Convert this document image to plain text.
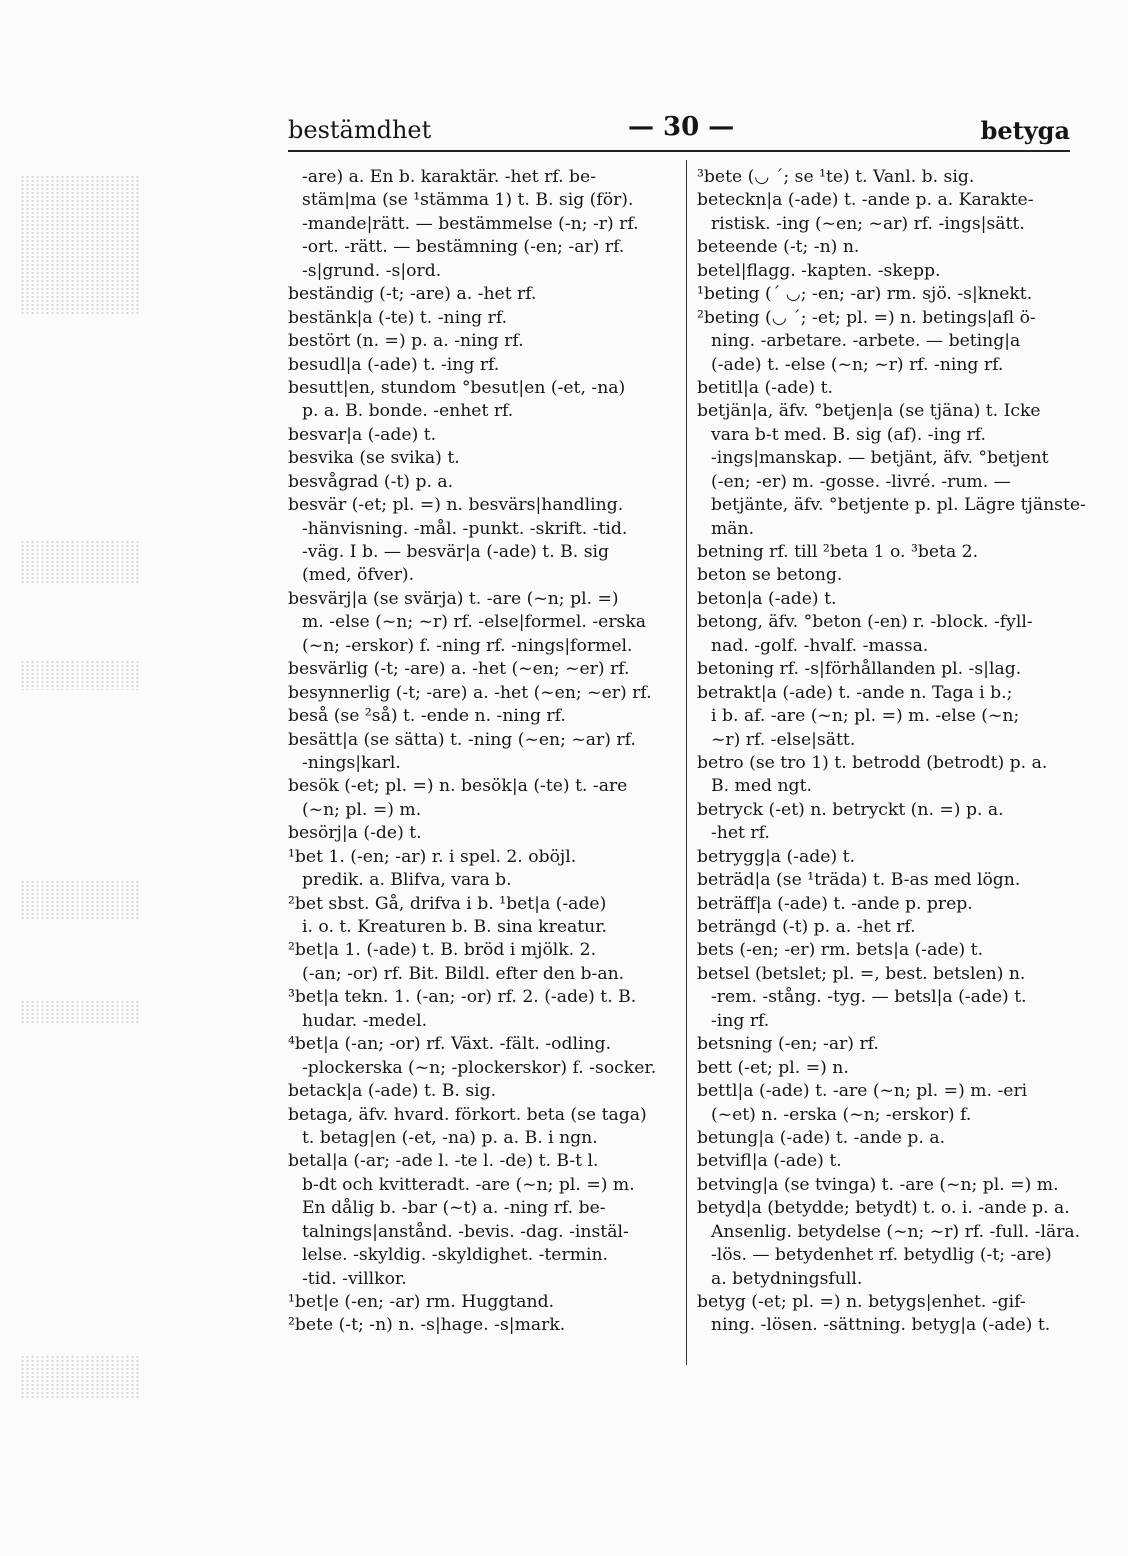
bestämdhet	— 30 —	betyga
-are) a. En b. karaktär. -het rf. be-
stäm|ma (se ¹stämma 1) t. B. sig (för).
-mande|rätt. — bestämmelse (-n; -r) rf.
-ort. -rätt. — bestämning (-en; -ar) rf.
-s|grund. -s|ord.
beständig (-t; -are) a. -het rf.
bestänk|a (-te) t. -ning rf.
bestört (n. =) p. a. -ning rf.
besudl|a (-ade) t. -ing rf.
besutt|en, stundom °besut|en (-et, -na)
p. a. B. bonde. -enhet rf.
besvar|a (-ade) t.
besvika (se svika) t.
besvågrad (-t) p. a.
besvär (-et; pl. =) n. besvärs|handling.
-hänvisning. -mål. -punkt. -skrift. -tid.
-väg. I b. — besvär|a (-ade) t. B. sig
(med, öfver).
besvärj|a (se svärja) t. -are (~n; pl. =)
m. -else (~n; ~r) rf. -else|formel. -erska
(~n; -erskor) f. -ning rf. -nings|formel.
besvärlig (-t; -are) a. -het (~en; ~er) rf.
besynnerlig (-t; -are) a. -het (~en; ~er) rf.
beså (se ²så) t. -ende n. -ning rf.
besätt|a (se sätta) t. -ning (~en; ~ar) rf.
-nings|karl.
besök (-et; pl. =) n. besök|a (-te) t. -are
(~n; pl. =) m.
besörj|a (-de) t.
¹bet 1. (-en; -ar) r. i spel. 2. oböjl.
predik. a. Blifva, vara b.
²bet sbst. Gå, drifva i b. ¹bet|a (-ade)
i. o. t. Kreaturen b. B. sina kreatur.
²bet|a 1. (-ade) t. B. bröd i mjölk. 2.
(-an; -or) rf. Bit. Bildl. efter den b-an.
³bet|a tekn. 1. (-an; -or) rf. 2. (-ade) t. B.
hudar. -medel.
⁴bet|a (-an; -or) rf. Växt. -fält. -odling.
-plockerska (~n; -plockerskor) f. -socker.
betack|a (-ade) t. B. sig.
betaga, äfv. hvard. förkort. beta (se taga)
t. betag|en (-et, -na) p. a. B. i ngn.
betal|a (-ar; -ade l. -te l. -de) t. B-t l.
b-dt och kvitteradt. -are (~n; pl. =) m.
En dålig b. -bar (~t) a. -ning rf. be-
talnings|anstånd. -bevis. -dag. -instäl-
lelse. -skyldig. -skyldighet. -termin.
-tid. -villkor.
¹bet|e (-en; -ar) rm. Huggtand.
²bete (-t; -n) n. -s|hage. -s|mark.
³bete (◡ ˊ; se ¹te) t. Vanl. b. sig.
beteckn|a (-ade) t. -ande p. a. Karakte-
ristisk. -ing (~en; ~ar) rf. -ings|sätt.
beteende (-t; -n) n.
betel|flagg. -kapten. -skepp.
¹beting (ˊ ◡; -en; -ar) rm. sjö. -s|knekt.
²beting (◡ ˊ; -et; pl. =) n. betings|afl ö-
ning. -arbetare. -arbete. — beting|a
(-ade) t. -else (~n; ~r) rf. -ning rf.
betitl|a (-ade) t.
betjän|a, äfv. °betjen|a (se tjäna) t. Icke
vara b-t med. B. sig (af). -ing rf.
-ings|manskap. — betjänt, äfv. °betjent
(-en; -er) m. -gosse. -livré. -rum. —
betjänte, äfv. °betjente p. pl. Lägre tjänste-
män.
betning rf. till ²beta 1 o. ³beta 2.
beton se betong.
beton|a (-ade) t.
betong, äfv. °beton (-en) r. -block. -fyll-
nad. -golf. -hvalf. -massa.
betoning rf. -s|förhållanden pl. -s|lag.
betrakt|a (-ade) t. -ande n. Taga i b.;
i b. af. -are (~n; pl. =) m. -else (~n;
~r) rf. -else|sätt.
betro (se tro 1) t. betrodd (betrodt) p. a.
B. med ngt.
betryck (-et) n. betryckt (n. =) p. a.
-het rf.
betrygg|a (-ade) t.
beträd|a (se ¹träda) t. B-as med lögn.
beträff|a (-ade) t. -ande p. prep.
beträngd (-t) p. a. -het rf.
bets (-en; -er) rm. bets|a (-ade) t.
betsel (betslet; pl. =, best. betslen) n.
-rem. -stång. -tyg. — betsl|a (-ade) t.
-ing rf.
betsning (-en; -ar) rf.
bett (-et; pl. =) n.
bettl|a (-ade) t. -are (~n; pl. =) m. -eri
(~et) n. -erska (~n; -erskor) f.
betung|a (-ade) t. -ande p. a.
betvifl|a (-ade) t.
betving|a (se tvinga) t. -are (~n; pl. =) m.
betyd|a (betydde; betydt) t. o. i. -ande p. a.
Ansenlig. betydelse (~n; ~r) rf. -full. -lära.
-lös. — betydenhet rf. betydlig (-t; -are)
a. betydningsfull.
betyg (-et; pl. =) n. betygs|enhet. -gif-
ning. -lösen. -sättning. betyg|a (-ade) t.
